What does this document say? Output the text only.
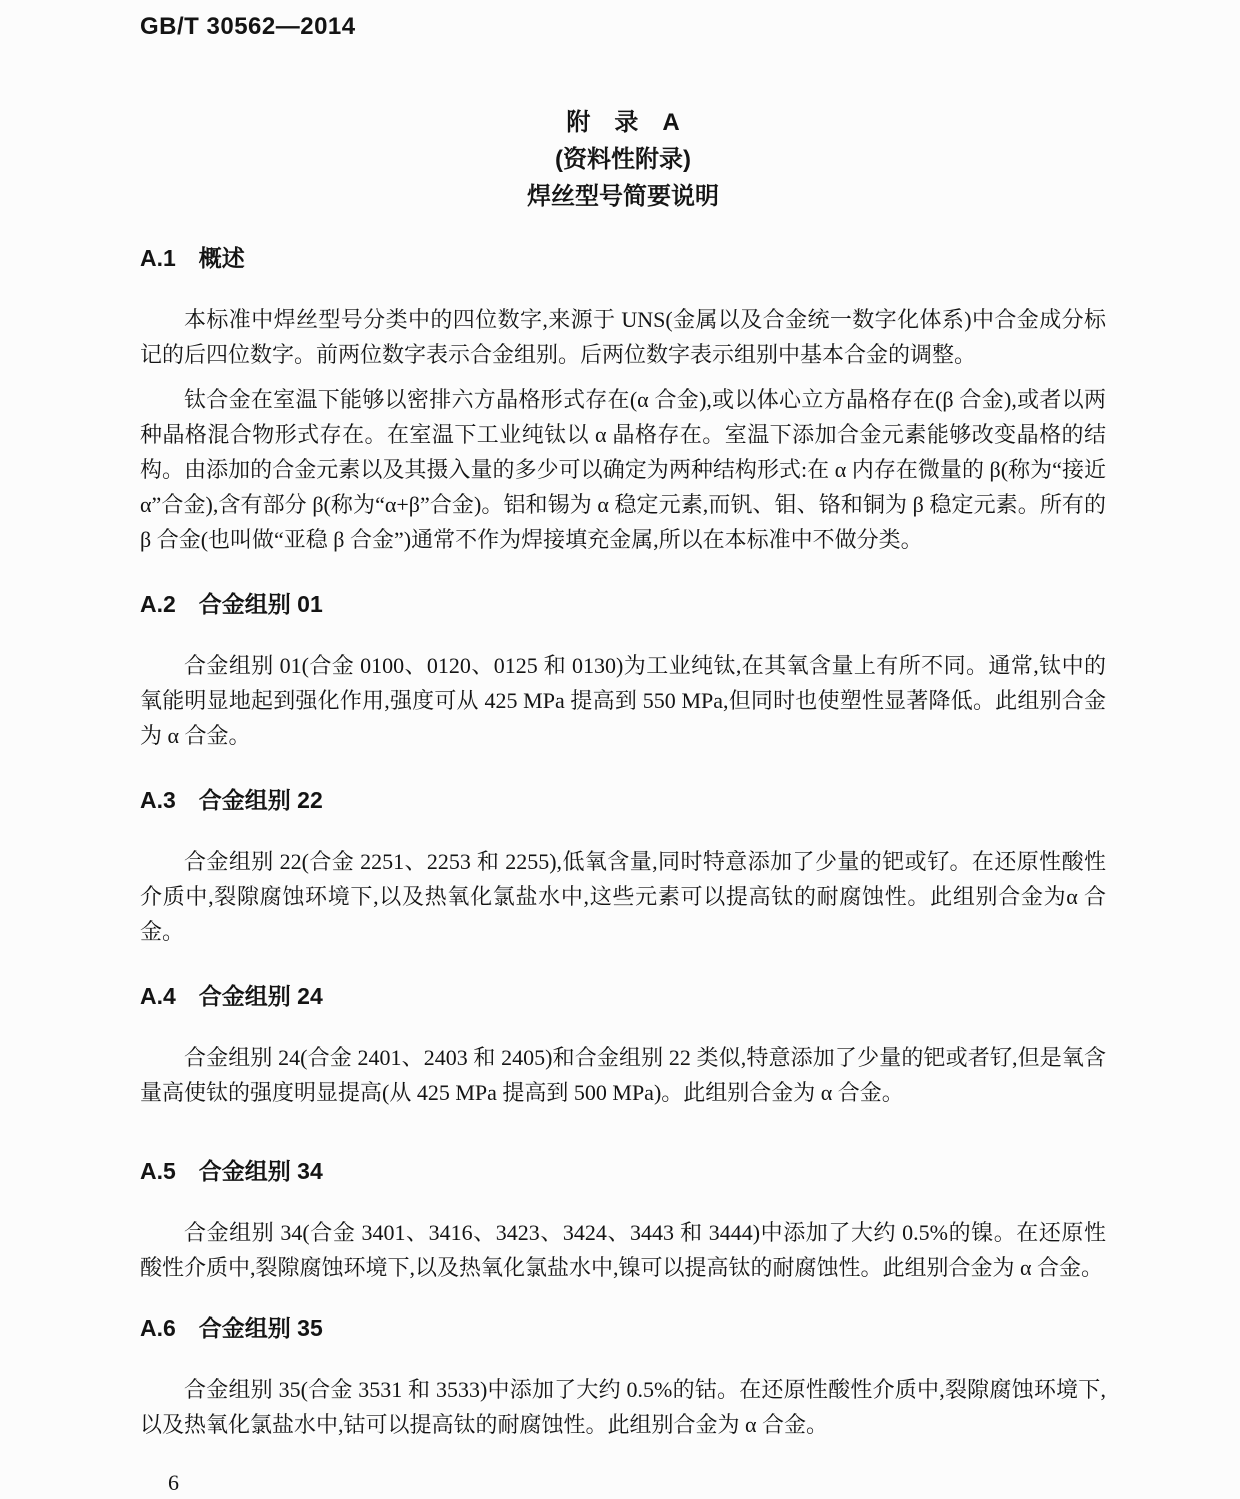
GB/T 30562—2014
附　录　A
(资料性附录)
焊丝型号简要说明
A.1　概述

本标准中焊丝型号分类中的四位数字,来源于 UNS(金属以及合金统一数字化体系)中合金成分标记的后四位数字。前两位数字表示合金组别。后两位数字表示组别中基本合金的调整。

钛合金在室温下能够以密排六方晶格形式存在(α 合金),或以体心立方晶格存在(β 合金),或者以两种晶格混合物形式存在。在室温下工业纯钛以 α 晶格存在。室温下添加合金元素能够改变晶格的结构。由添加的合金元素以及其摄入量的多少可以确定为两种结构形式:在 α 内存在微量的 β(称为“接近 α”合金),含有部分 β(称为“α+β”合金)。铝和锡为 α 稳定元素,而钒、钼、铬和铜为 β 稳定元素。所有的 β 合金(也叫做“亚稳 β 合金”)通常不作为焊接填充金属,所以在本标准中不做分类。

A.2　合金组别 01

合金组别 01(合金 0100、0120、0125 和 0130)为工业纯钛,在其氧含量上有所不同。通常,钛中的氧能明显地起到强化作用,强度可从 425 MPa 提高到 550 MPa,但同时也使塑性显著降低。此组别合金为 α 合金。

A.3　合金组别 22

合金组别 22(合金 2251、2253 和 2255),低氧含量,同时特意添加了少量的钯或钌。在还原性酸性介质中,裂隙腐蚀环境下,以及热氧化氯盐水中,这些元素可以提高钛的耐腐蚀性。此组别合金为α 合金。

A.4　合金组别 24

合金组别 24(合金 2401、2403 和 2405)和合金组别 22 类似,特意添加了少量的钯或者钌,但是氧含量高使钛的强度明显提高(从 425 MPa 提高到 500 MPa)。此组别合金为 α 合金。

A.5　合金组别 34

合金组别 34(合金 3401、3416、3423、3424、3443 和 3444)中添加了大约 0.5%的镍。在还原性酸性介质中,裂隙腐蚀环境下,以及热氧化氯盐水中,镍可以提高钛的耐腐蚀性。此组别合金为 α 合金。

A.6　合金组别 35

合金组别 35(合金 3531 和 3533)中添加了大约 0.5%的钴。在还原性酸性介质中,裂隙腐蚀环境下,以及热氧化氯盐水中,钴可以提高钛的耐腐蚀性。此组别合金为 α 合金。

6
